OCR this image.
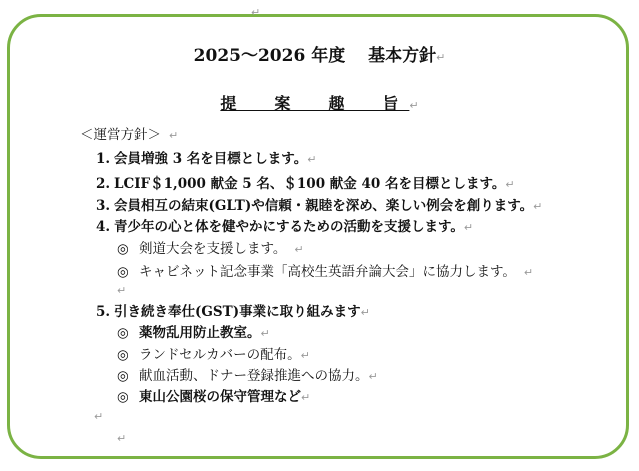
↵
2025～2026 年度　 基本方針↵
提　案　趣　旨↵
＜運営方針＞ ↵
1. 会員増強 3 名を目標とします。↵
2. LCIF＄1,000 献金 5 名、＄100 献金 40 名を目標とします。↵
3. 会員相互の結束(GLT)や信頼・親睦を深め、楽しい例会を創ります。↵
4. 青少年の心と体を健やかにするための活動を支援します。↵
◎ 剣道大会を支援します。 ↵
◎ キャビネット記念事業「高校生英語弁論大会」に協力します。 ↵
↵
5. 引き続き奉仕(GST)事業に取り組みます↵
◎ 薬物乱用防止教室。↵
◎ ランドセルカバーの配布。↵
◎ 献血活動、ドナー登録推進への協力。↵
◎ 東山公園桜の保守管理など↵
↵
↵
